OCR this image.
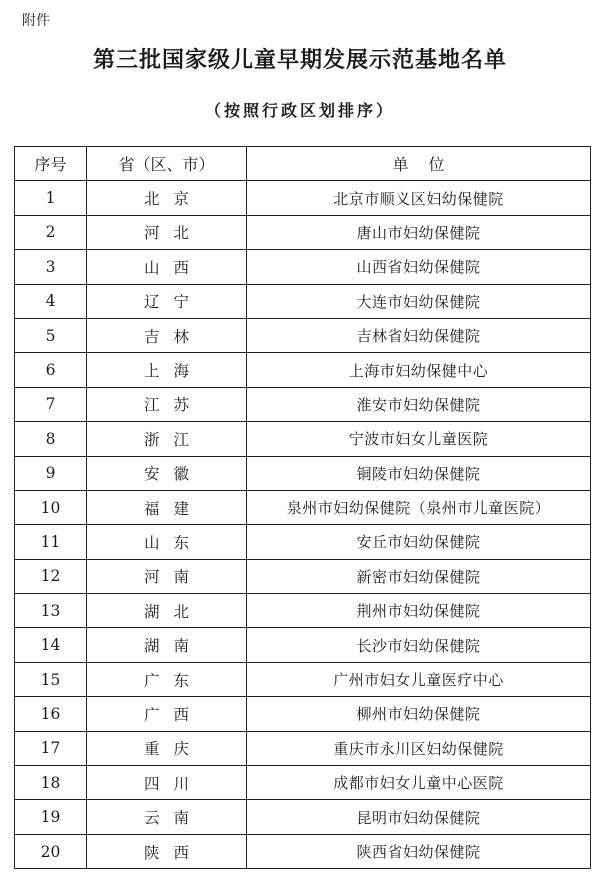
附件
第三批国家级儿童早期发展示范基地名单
（按照行政区划排序）
序号	省（区、市）	单位
1	北京	北京市顺义区妇幼保健院
2	河北	唐山市妇幼保健院
3	山西	山西省妇幼保健院
4	辽宁	大连市妇幼保健院
5	吉林	吉林省妇幼保健院
6	上海	上海市妇幼保健中心
7	江苏	淮安市妇幼保健院
8	浙江	宁波市妇女儿童医院
9	安徽	铜陵市妇幼保健院
10	福建	泉州市妇幼保健院（泉州市儿童医院）
11	山东	安丘市妇幼保健院
12	河南	新密市妇幼保健院
13	湖北	荆州市妇幼保健院
14	湖南	长沙市妇幼保健院
15	广东	广州市妇女儿童医疗中心
16	广西	柳州市妇幼保健院
17	重庆	重庆市永川区妇幼保健院
18	四川	成都市妇女儿童中心医院
19	云南	昆明市妇幼保健院
20	陕西	陕西省妇幼保健院
